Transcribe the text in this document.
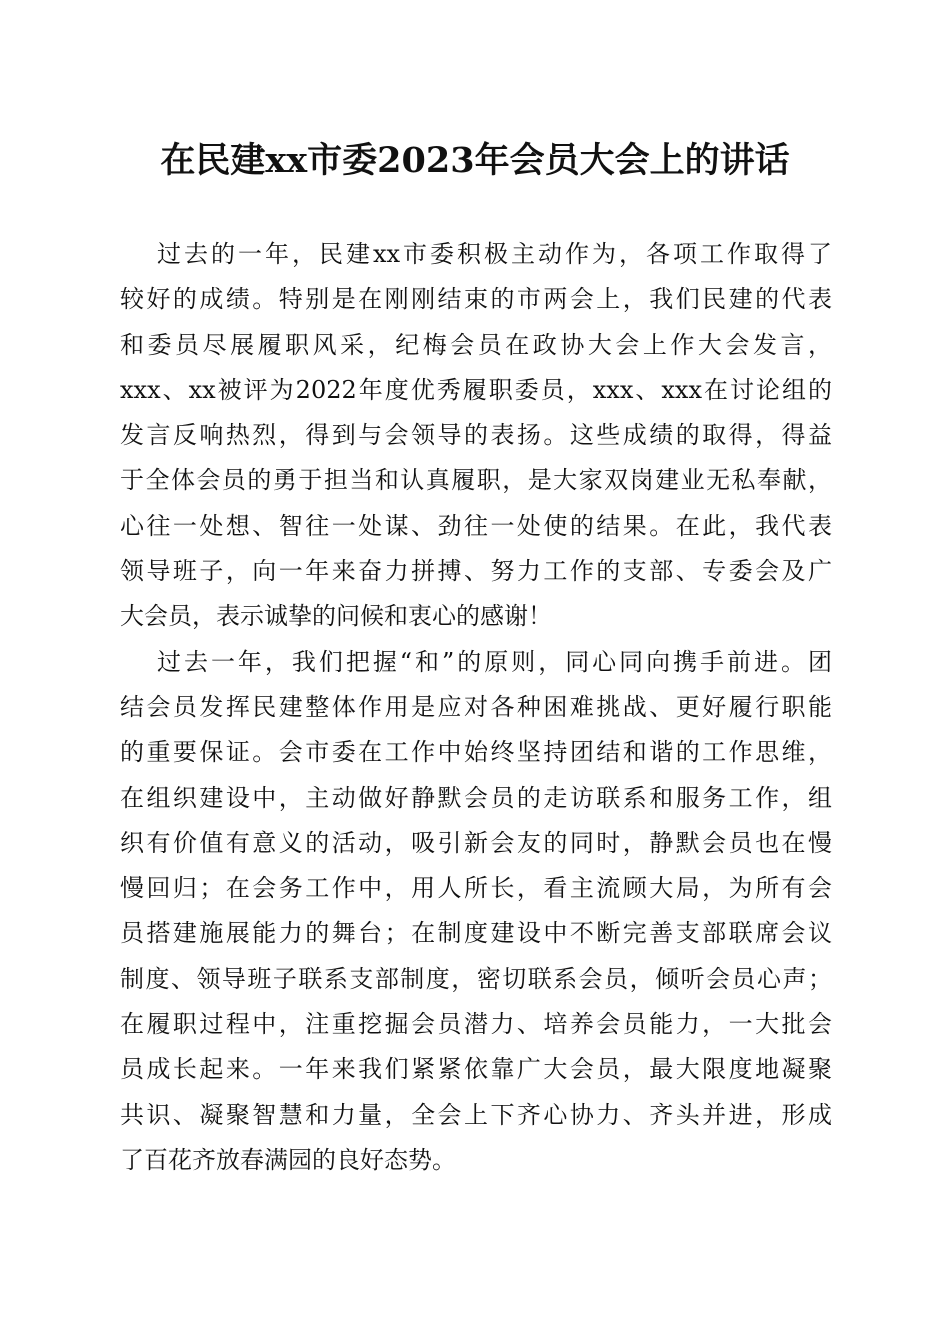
在民建xx市委2023年会员大会上的讲话

过去的一年，民建xx市委积极主动作为，各项工作取得了
较好的成绩。特别是在刚刚结束的市两会上，我们民建的代表
和委员尽展履职风采，纪梅会员在政协大会上作大会发言，
xxx、xx被评为2022年度优秀履职委员，xxx、xxx在讨论组的
发言反响热烈，得到与会领导的表扬。这些成绩的取得，得益
于全体会员的勇于担当和认真履职，是大家双岗建业无私奉献，
心往一处想、智往一处谋、劲往一处使的结果。在此，我代表
领导班子，向一年来奋力拼搏、努力工作的支部、专委会及广
大会员，表示诚挚的问候和衷心的感谢！

过去一年，我们把握“和”的原则，同心同向携手前进。团
结会员发挥民建整体作用是应对各种困难挑战、更好履行职能
的重要保证。会市委在工作中始终坚持团结和谐的工作思维，
在组织建设中，主动做好静默会员的走访联系和服务工作，组
织有价值有意义的活动，吸引新会友的同时，静默会员也在慢
慢回归；在会务工作中，用人所长，看主流顾大局，为所有会
员搭建施展能力的舞台；在制度建设中不断完善支部联席会议
制度、领导班子联系支部制度，密切联系会员，倾听会员心声；
在履职过程中，注重挖掘会员潜力、培养会员能力，一大批会
员成长起来。一年来我们紧紧依靠广大会员，最大限度地凝聚
共识、凝聚智慧和力量，全会上下齐心协力、齐头并进，形成
了百花齐放春满园的良好态势。
